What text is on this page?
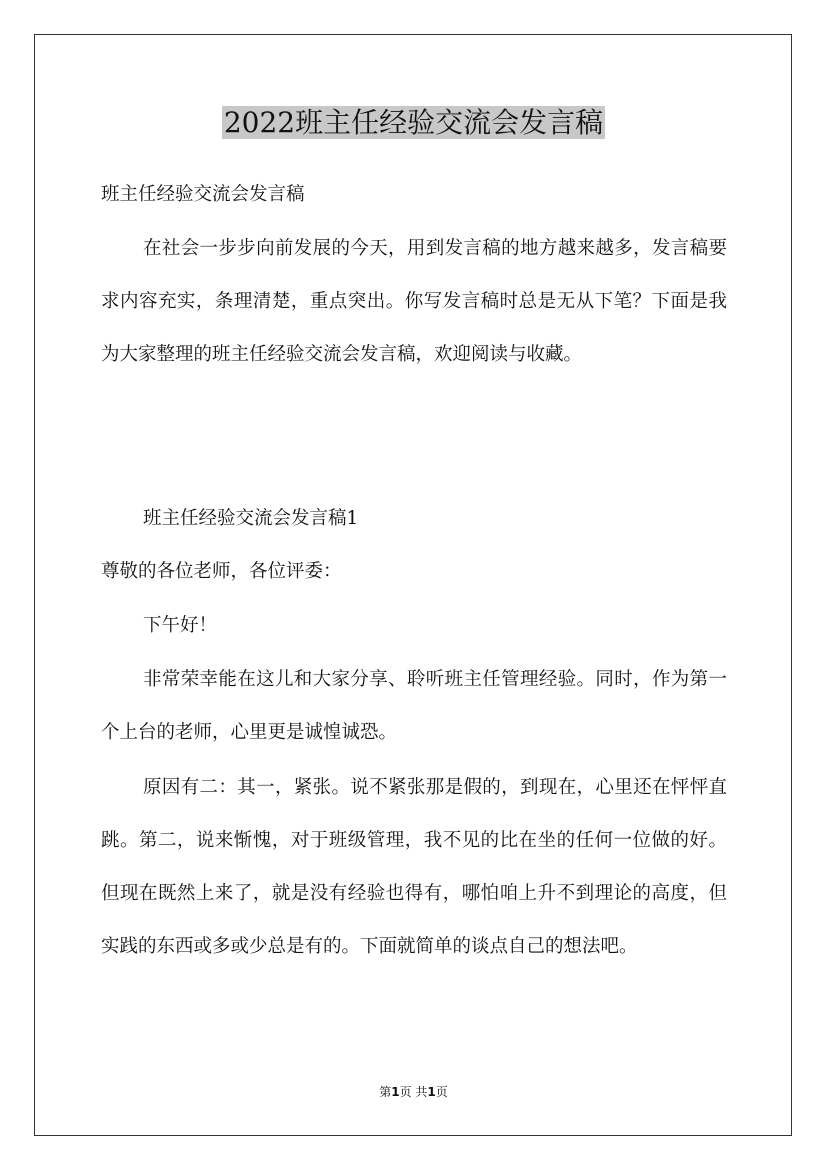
2022班主任经验交流会发言稿

班主任经验交流会发言稿

在社会一步步向前发展的今天，用到发言稿的地方越来越多，发言稿要求内容充实，条理清楚，重点突出。你写发言稿时总是无从下笔？下面是我为大家整理的班主任经验交流会发言稿，欢迎阅读与收藏。

班主任经验交流会发言稿1

尊敬的各位老师，各位评委：

下午好！

非常荣幸能在这儿和大家分享、聆听班主任管理经验。同时，作为第一个上台的老师，心里更是诚惶诚恐。

原因有二：其一，紧张。说不紧张那是假的，到现在，心里还在怦怦直跳。第二，说来惭愧，对于班级管理，我不见的比在坐的任何一位做的好。但现在既然上来了，就是没有经验也得有，哪怕咱上升不到理论的高度，但实践的东西或多或少总是有的。下面就简单的谈点自己的想法吧。

第1页 共1页
